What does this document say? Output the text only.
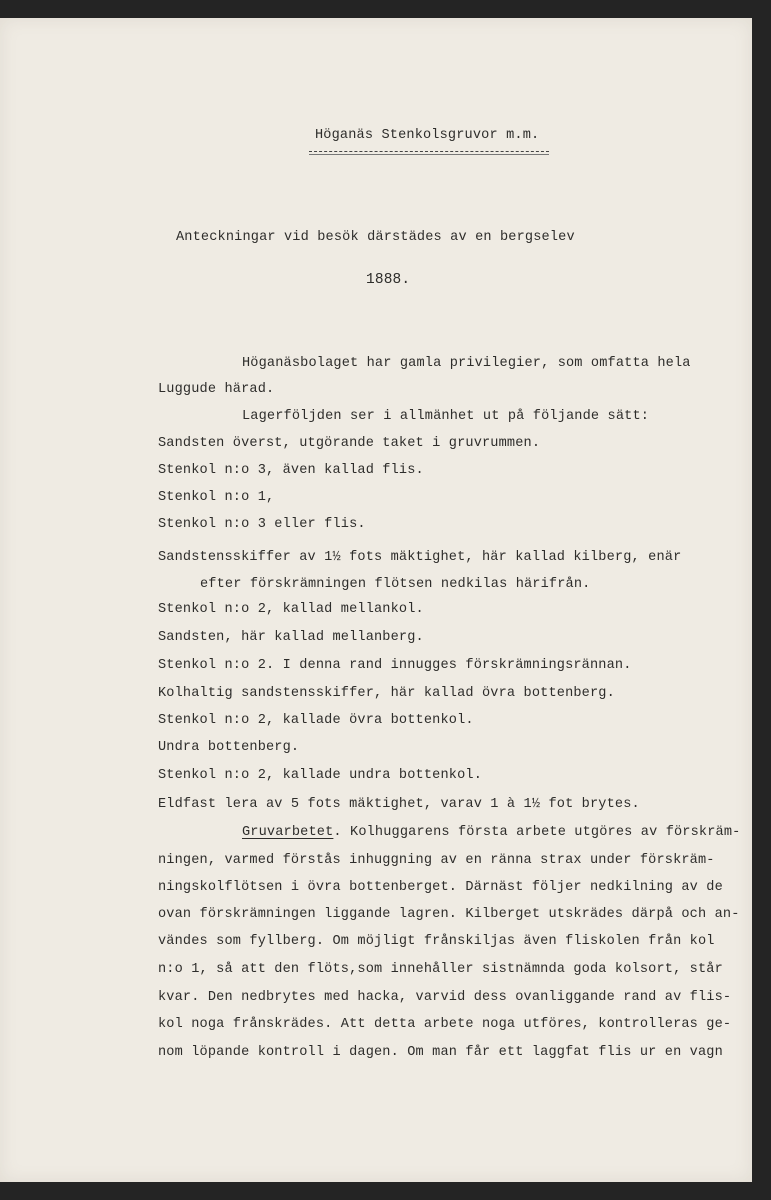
Höganäs Stenkolsgruvor m.m.
Anteckningar vid besök därstädes av en bergselev
1888.
Höganäsbolaget har gamla privilegier, som omfatta hela
Luggude härad.
Lagerföljden ser i allmänhet ut på följande sätt:
Sandsten överst, utgörande taket i gruvrummen.
Stenkol n:o 3, även kallad flis.
Stenkol n:o 1,
Stenkol n:o 3 eller flis.
Sandstensskiffer av 1½ fots mäktighet, här kallad kilberg, enär
efter förskrämningen flötsen nedkilas härifrån.
Stenkol n:o 2, kallad mellankol.
Sandsten, här kallad mellanberg.
Stenkol n:o 2. I denna rand innugges förskrämningsrännan.
Kolhaltig sandstensskiffer, här kallad övra bottenberg.
Stenkol n:o 2, kallade övra bottenkol.
Undra bottenberg.
Stenkol n:o 2, kallade undra bottenkol.
Eldfast lera av 5 fots mäktighet, varav 1 à 1½ fot brytes.
Gruvarbetet. Kolhuggarens första arbete utgöres av förskräm-
ningen, varmed förstås inhuggning av en ränna strax under förskräm-
ningskolflötsen i övra bottenberget. Därnäst följer nedkilning av de
ovan förskrämningen liggande lagren. Kilberget utskrädes därpå och an-
vändes som fyllberg. Om möjligt frånskiljas även fliskolen från kol
n:o 1, så att den flöts,som innehåller sistnämnda goda kolsort, står
kvar. Den nedbrytes med hacka, varvid dess ovanliggande rand av flis-
kol noga frånskrädes. Att detta arbete noga utföres, kontrolleras ge-
nom löpande kontroll i dagen. Om man får ett laggfat flis ur en vagn
